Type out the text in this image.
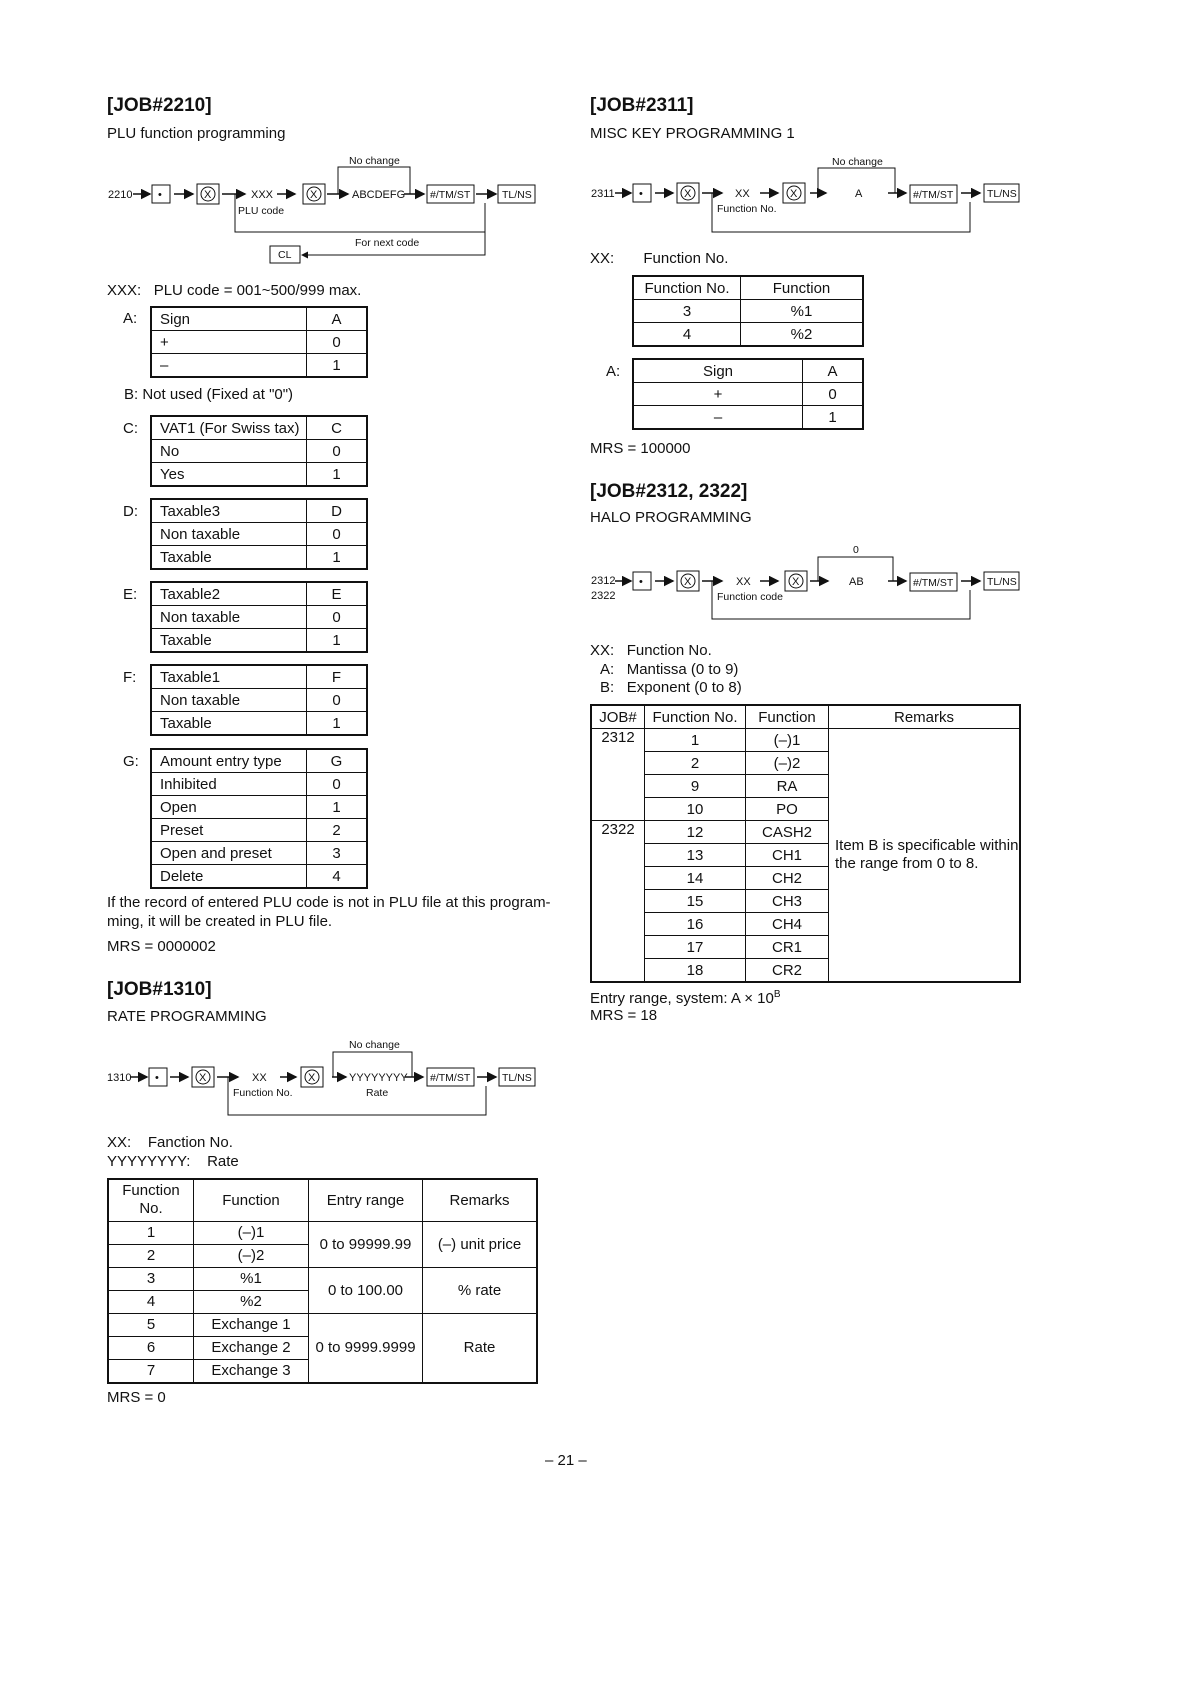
[JOB#2210]
PLU function programming
2210 •	X	XXX
PLU code
X	ABCDEFG
No change
#/TM/ST	TL/NS
For next code
CL
XXX: PLU code = 001~500/999 max.
A: Sign	A
+	0
–	1
B: Not used (Fixed at "0")
C: VAT1 (For Swiss tax)	C
No	0
Yes	1
D: Taxable3	D
Non taxable	0
Taxable	1
E: Taxable2	E
Non taxable	0
Taxable	1
F: Taxable1	F
Non taxable	0
Taxable	1
G: Amount entry type	G
Inhibited	0
Open	1
Preset	2
Open and preset	3
Delete	4
If the record of entered PLU code is not in PLU file at this program-
ming, it will be created in PLU file.
MRS = 0000002
[JOB#1310]
RATE PROGRAMMING
1310 •	X	XX
Function No.
X	YYYYYYYY
Rate
No change
#/TM/ST	TL/NS
XX: Fanction No.
YYYYYYYY: Rate
Function No.	Function	Entry range	Remarks
1	(–)1	0 to 99999.99	(–) unit price
2	(–)2		
3	%1	0 to 100.00	% rate
4	%2		
5	Exchange 1	0 to 9999.9999	Rate
6	Exchange 2		
7	Exchange 3		
MRS = 0
[JOB#2311]
MISC KEY PROGRAMMING 1
2311 •	X	XX
Function No.
X	A
No change
#/TM/ST	TL/NS
XX: Function No.
Function No.	Function
3	%1
4	%2
A:	Sign	A
+	0
–	1
MRS = 100000
[JOB#2312, 2322]
HALO PROGRAMMING
2312
2322
•	X	XX
Function code
X	AB
0
#/TM/ST	TL/NS
XX: Function No.
A: Mantissa (0 to 9)
B: Exponent (0 to 8)
JOB#	Function No.	Function	Remarks
2312	1	(–)1	Item B is specificable within
the range from 0 to 8.

	2	(–)2	
	9	RA	
	10	PO	
2322	12	CASH2	
	13	CH1	
	14	CH2	
	15	CH3	
	16	CH4	
	17	CR1	
	18	CR2	
Entry range, system: $A \times 10^B$
MRS = 18
– 21 –
